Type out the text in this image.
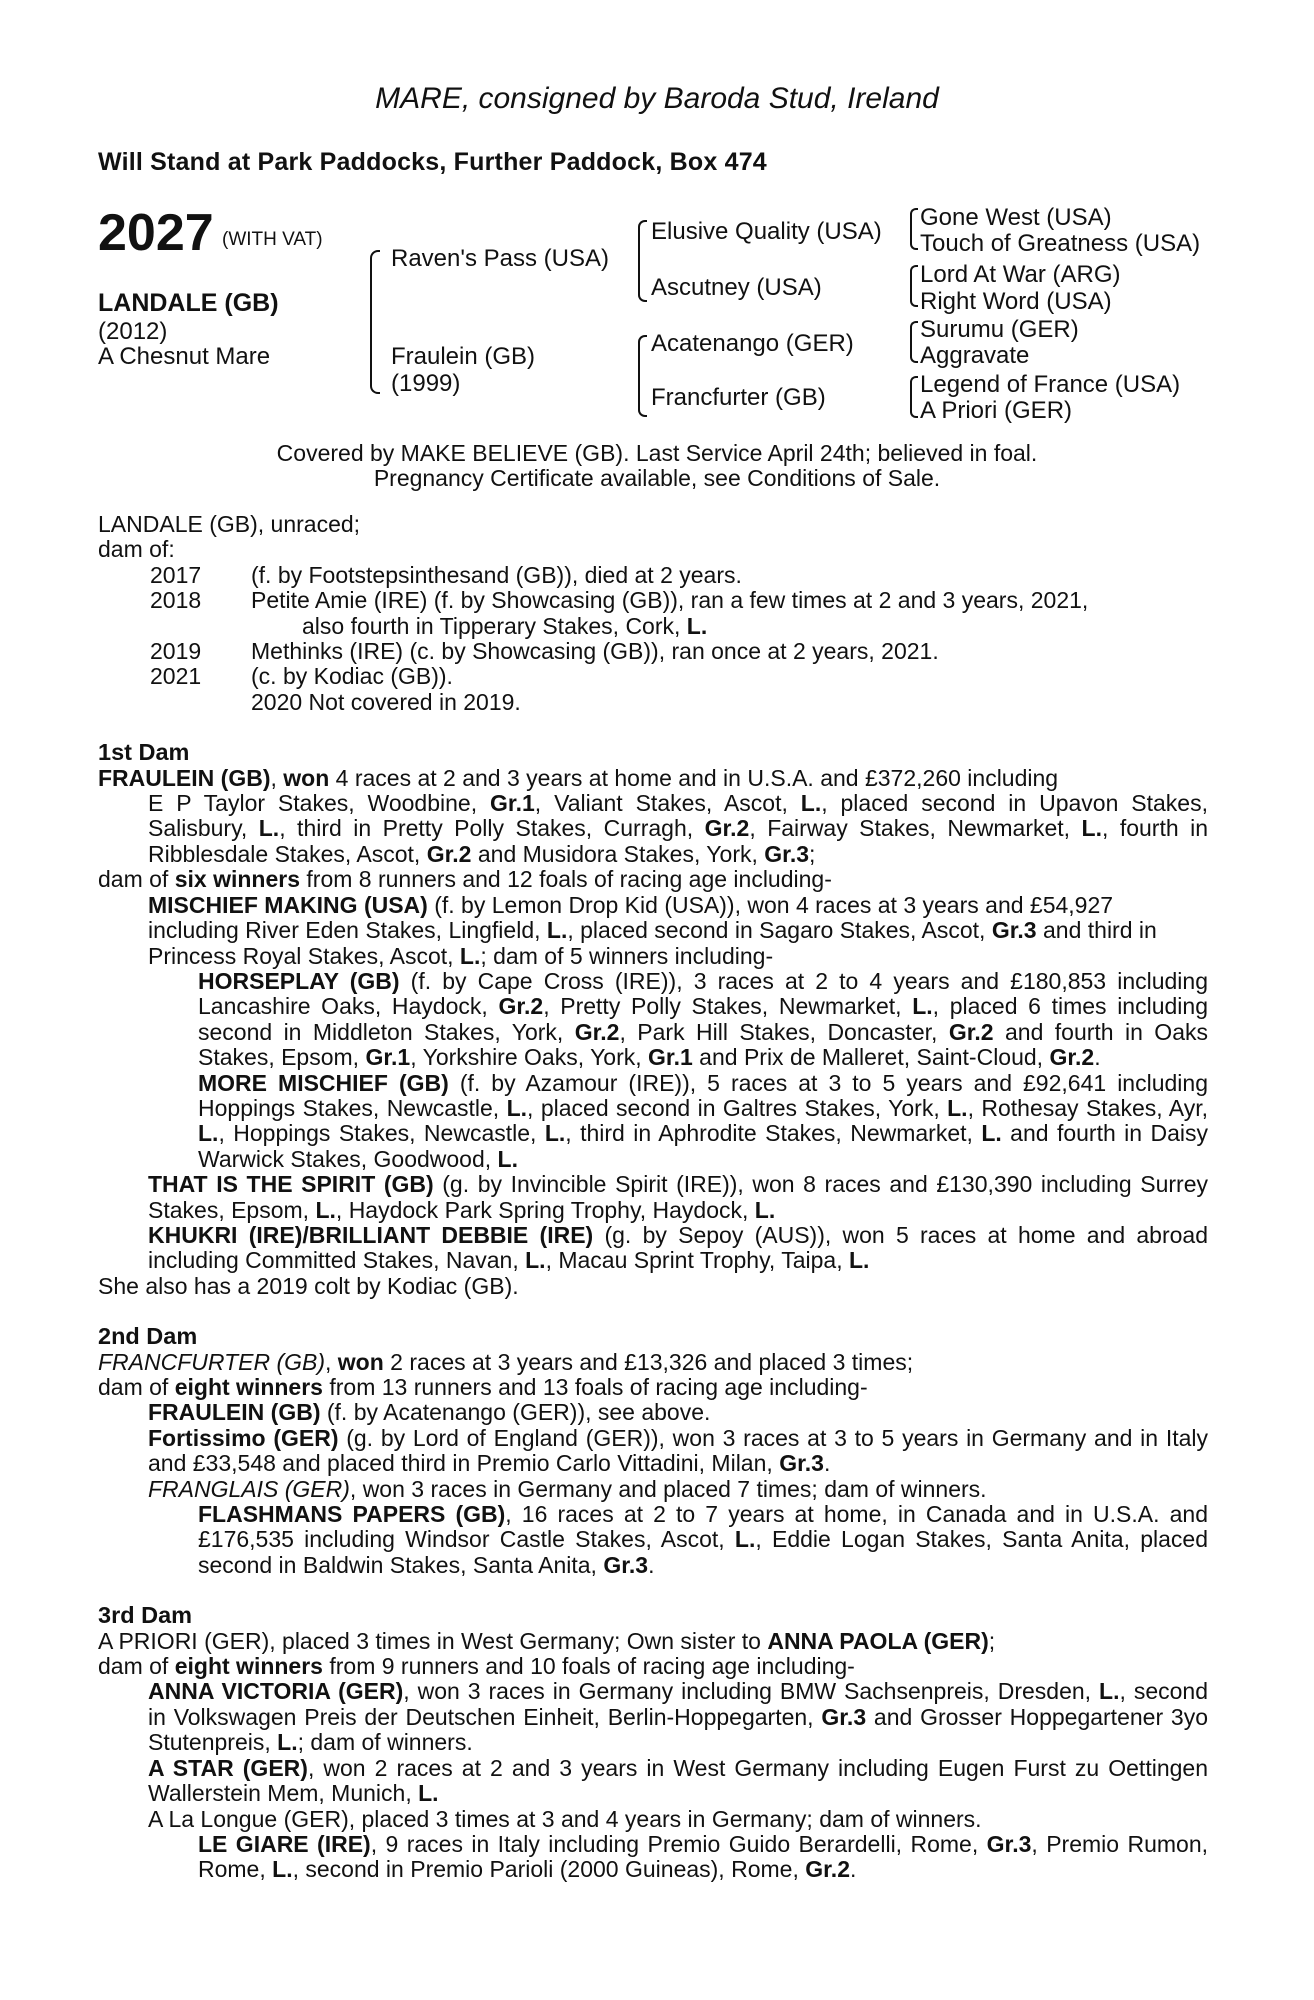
MARE, consigned by Baroda Stud, Ireland
Will Stand at Park Paddocks, Further Paddock, Box 474
2027 (WITH VAT)
LANDALE (GB)
(2012)
A Chesnut Mare
Raven's Pass (USA)
Fraulein (GB)
(1999)
Elusive Quality (USA)
Ascutney (USA)
Acatenango (GER)
Francfurter (GB)
Gone West (USA)
Touch of Greatness (USA)
Lord At War (ARG)
Right Word (USA)
Surumu (GER)
Aggravate
Legend of France (USA)
A Priori (GER)
Covered by MAKE BELIEVE (GB). Last Service April 24th; believed in foal.
Pregnancy Certificate available, see Conditions of Sale.

LANDALE (GB), unraced;

dam of:

2017 (f. by Footstepsinthesand (GB)), died at 2 years.

2018 Petite Amie (IRE) (f. by Showcasing (GB)), ran a few times at 2 and 3 years, 2021,

also fourth in Tipperary Stakes, Cork, L.

2019 Methinks (IRE) (c. by Showcasing (GB)), ran once at 2 years, 2021.

2021 (c. by Kodiac (GB)).

2020 Not covered in 2019.

1st Dam

FRAULEIN (GB), won 4 races at 2 and 3 years at home and in U.S.A. and £372,260 including

E P Taylor Stakes, Woodbine, Gr.1, Valiant Stakes, Ascot, L., placed second in Upavon Stakes, Salisbury, L., third in Pretty Polly Stakes, Curragh, Gr.2, Fairway Stakes, Newmarket, L., fourth in Ribblesdale Stakes, Ascot, Gr.2 and Musidora Stakes, York, Gr.3;

dam of six winners from 8 runners and 12 foals of racing age including-

MISCHIEF MAKING (USA) (f. by Lemon Drop Kid (USA)), won 4 races at 3 years and £54,927 including River Eden Stakes, Lingfield, L., placed second in Sagaro Stakes, Ascot, Gr.3 and third in Princess Royal Stakes, Ascot, L.; dam of 5 winners including-

HORSEPLAY (GB) (f. by Cape Cross (IRE)), 3 races at 2 to 4 years and £180,853 including Lancashire Oaks, Haydock, Gr.2, Pretty Polly Stakes, Newmarket, L., placed 6 times including second in Middleton Stakes, York, Gr.2, Park Hill Stakes, Doncaster, Gr.2 and fourth in Oaks Stakes, Epsom, Gr.1, Yorkshire Oaks, York, Gr.1 and Prix de Malleret, Saint-Cloud, Gr.2.

MORE MISCHIEF (GB) (f. by Azamour (IRE)), 5 races at 3 to 5 years and £92,641 including Hoppings Stakes, Newcastle, L., placed second in Galtres Stakes, York, L., Rothesay Stakes, Ayr, L., Hoppings Stakes, Newcastle, L., third in Aphrodite Stakes, Newmarket, L. and fourth in Daisy Warwick Stakes, Goodwood, L.

THAT IS THE SPIRIT (GB) (g. by Invincible Spirit (IRE)), won 8 races and £130,390 including Surrey Stakes, Epsom, L., Haydock Park Spring Trophy, Haydock, L.

KHUKRI (IRE)/BRILLIANT DEBBIE (IRE) (g. by Sepoy (AUS)), won 5 races at home and abroad including Committed Stakes, Navan, L., Macau Sprint Trophy, Taipa, L.

She also has a 2019 colt by Kodiac (GB).

2nd Dam

FRANCFURTER (GB), won 2 races at 3 years and £13,326 and placed 3 times;

dam of eight winners from 13 runners and 13 foals of racing age including-

FRAULEIN (GB) (f. by Acatenango (GER)), see above.

Fortissimo (GER) (g. by Lord of England (GER)), won 3 races at 3 to 5 years in Germany and in Italy and £33,548 and placed third in Premio Carlo Vittadini, Milan, Gr.3.

FRANGLAIS (GER), won 3 races in Germany and placed 7 times; dam of winners.

FLASHMANS PAPERS (GB), 16 races at 2 to 7 years at home, in Canada and in U.S.A. and £176,535 including Windsor Castle Stakes, Ascot, L., Eddie Logan Stakes, Santa Anita, placed second in Baldwin Stakes, Santa Anita, Gr.3.

3rd Dam

A PRIORI (GER), placed 3 times in West Germany; Own sister to ANNA PAOLA (GER);

dam of eight winners from 9 runners and 10 foals of racing age including-

ANNA VICTORIA (GER), won 3 races in Germany including BMW Sachsenpreis, Dresden, L., second in Volkswagen Preis der Deutschen Einheit, Berlin-Hoppegarten, Gr.3 and Grosser Hoppegartener 3yo Stutenpreis, L.; dam of winners.

A STAR (GER), won 2 races at 2 and 3 years in West Germany including Eugen Furst zu Oettingen Wallerstein Mem, Munich, L.

A La Longue (GER), placed 3 times at 3 and 4 years in Germany; dam of winners.

LE GIARE (IRE), 9 races in Italy including Premio Guido Berardelli, Rome, Gr.3, Premio Rumon, Rome, L., second in Premio Parioli (2000 Guineas), Rome, Gr.2.
